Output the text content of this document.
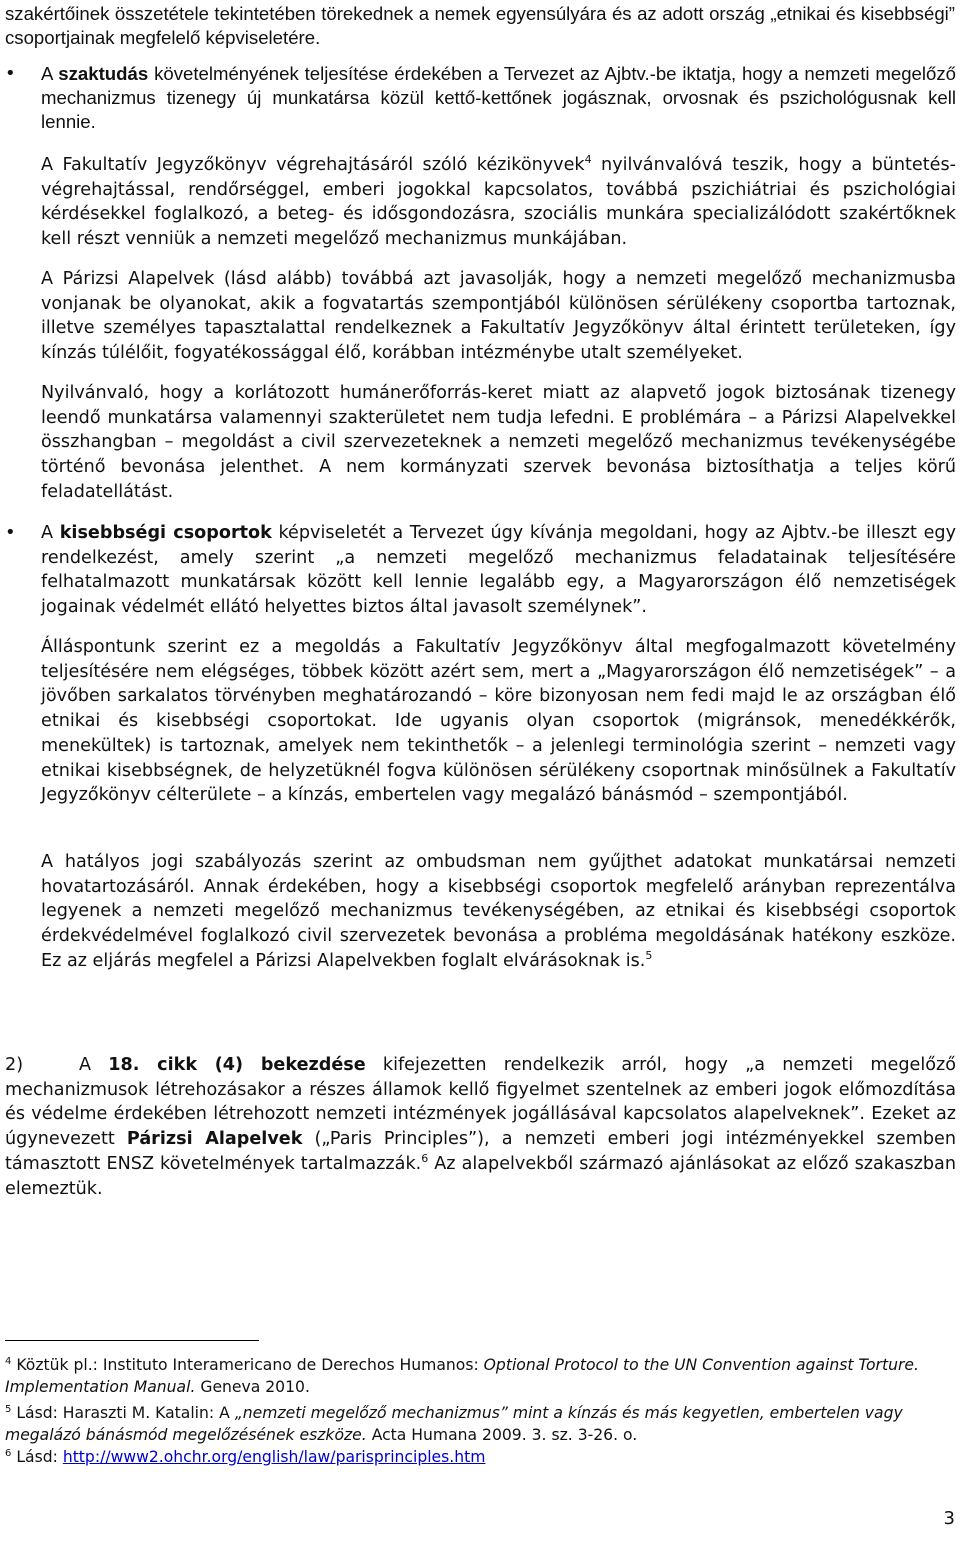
szakértőinek összetétele tekintetében törekednek a nemek egyensúlyára és az adott ország „etnikai és kisebbségi” csoportjainak megfelelő képviseletére.

• A szaktudás követelményének teljesítése érdekében a Tervezet az Ajbtv.-be iktatja, hogy a nemzeti megelőző mechanizmus tizenegy új munkatársa közül kettő-kettőnek jogásznak, orvosnak és pszichológusnak kell lennie.

A Fakultatív Jegyzőkönyv végrehajtásáról szóló kézikönyvek$^4$ nyilvánvalóvá teszik, hogy a büntetés-végrehajtással, rendőrséggel, emberi jogokkal kapcsolatos, továbbá pszichiátriai és pszichológiai kérdésekkel foglalkozó, a beteg- és idősgondozásra, szociális munkára specializálódott szakértőknek kell részt venniük a nemzeti megelőző mechanizmus munkájában.

A Párizsi Alapelvek (lásd alább) továbbá azt javasolják, hogy a nemzeti megelőző mechanizmusba vonjanak be olyanokat, akik a fogvatartás szempontjából különösen sérülékeny csoportba tartoznak, illetve személyes tapasztalattal rendelkeznek a Fakultatív Jegyzőkönyv által érintett területeken, így kínzás túlélőit, fogyatékossággal élő, korábban intézménybe utalt személyeket.

Nyilvánvaló, hogy a korlátozott humánerőforrás-keret miatt az alapvető jogok biztosának tizenegy leendő munkatársa valamennyi szakterületet nem tudja lefedni. E problémára – a Párizsi Alapelvekkel összhangban – megoldást a civil szervezeteknek a nemzeti megelőző mechanizmus tevékenységébe történő bevonása jelenthet. A nem kormányzati szervek bevonása biztosíthatja a teljes körű feladatellátást.

• A kisebbségi csoportok képviseletét a Tervezet úgy kívánja megoldani, hogy az Ajbtv.-be illeszt egy rendelkezést, amely szerint „a nemzeti megelőző mechanizmus feladatainak teljesítésére felhatalmazott munkatársak között kell lennie legalább egy, a Magyarországon élő nemzetiségek jogainak védelmét ellátó helyettes biztos által javasolt személynek”.

Álláspontunk szerint ez a megoldás a Fakultatív Jegyzőkönyv által megfogalmazott követelmény teljesítésére nem elégséges, többek között azért sem, mert a „Magyarországon élő nemzetiségek” – a jövőben sarkalatos törvényben meghatározandó – köre bizonyosan nem fedi majd le az országban élő etnikai és kisebbségi csoportokat. Ide ugyanis olyan csoportok (migránsok, menedékkérők, menekültek) is tartoznak, amelyek nem tekinthetők – a jelenlegi terminológia szerint – nemzeti vagy etnikai kisebbségnek, de helyzetüknél fogva különösen sérülékeny csoportnak minősülnek a Fakultatív Jegyzőkönyv célterülete – a kínzás, embertelen vagy megalázó bánásmód – szempontjából.

A hatályos jogi szabályozás szerint az ombudsman nem gyűjthet adatokat munkatársai nemzeti hovatartozásáról. Annak érdekében, hogy a kisebbségi csoportok megfelelő arányban reprezentálva legyenek a nemzeti megelőző mechanizmus tevékenységében, az etnikai és kisebbségi csoportok érdekvédelmével foglalkozó civil szervezetek bevonása a probléma megoldásának hatékony eszköze. Ez az eljárás megfelel a Párizsi Alapelvekben foglalt elvárásoknak is.$^5$

2)	A 18. cikk (4) bekezdése kifejezetten rendelkezik arról, hogy „a nemzeti megelőző mechanizmusok létrehozásakor a részes államok kellő figyelmet szentelnek az emberi jogok előmozdítása és védelme érdekében létrehozott nemzeti intézmények jogállásával kapcsolatos alapelveknek”. Ezeket az úgynevezett Párizsi Alapelvek („Paris Principles”), a nemzeti emberi jogi intézményekkel szemben támasztott ENSZ követelmények tartalmazzák.$^6$ Az alapelvekből származó ajánlásokat az előző szakaszban elemeztük.

$^4$ Köztük pl.: Instituto Interamericano de Derechos Humanos: Optional Protocol to the UN Convention against Torture. Implementation Manual. Geneva 2010.
$^5$ Lásd: Haraszti M. Katalin: A „nemzeti megelőző mechanizmus” mint a kínzás és más kegyetlen, embertelen vagy megalázó bánásmód megelőzésének eszköze. Acta Humana 2009. 3. sz. 3-26. o.
$^6$ Lásd: http://www2.ohchr.org/english/law/parisprinciples.htm
3
